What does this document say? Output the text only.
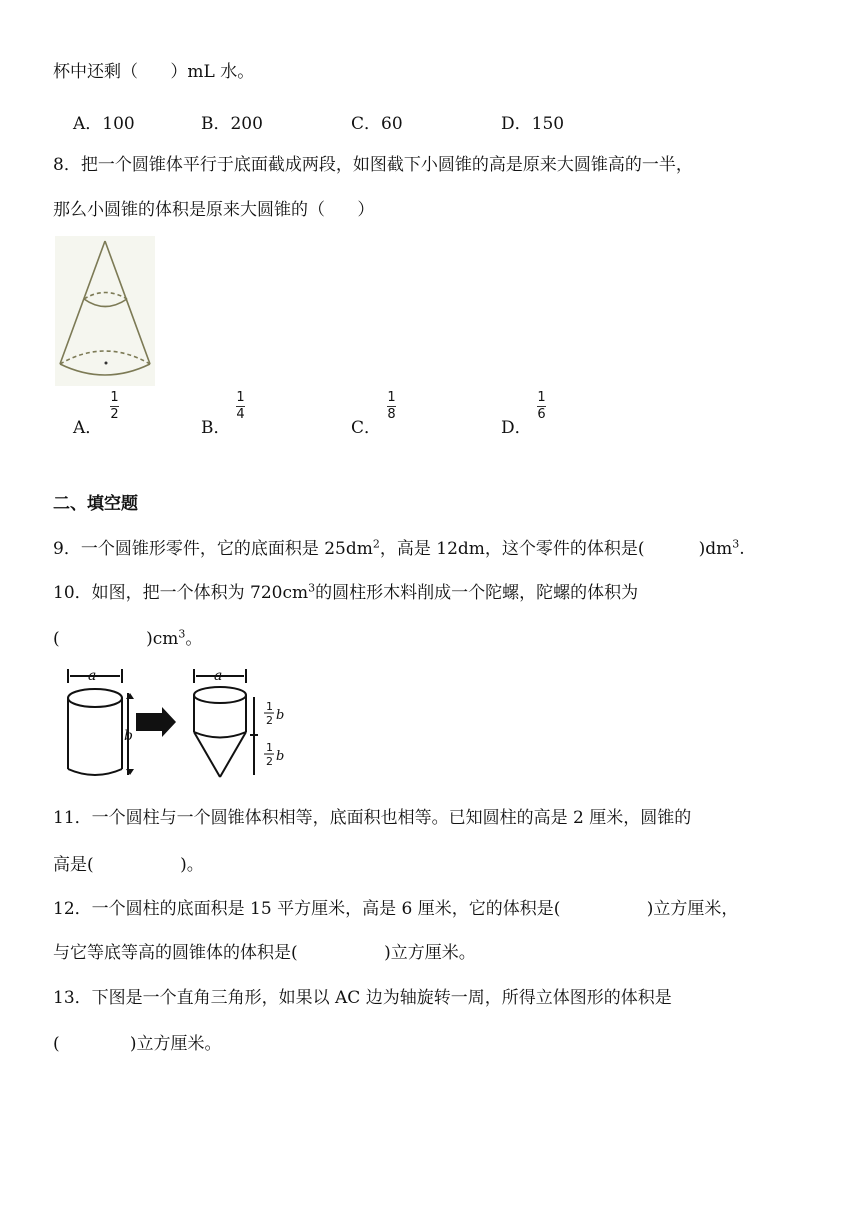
杯中还剩（      ）mL 水。
A．100	B．200	C．60	D．150
8．把一个圆锥体平行于底面截成两段，如图截下小圆锥的高是原来大圆锥高的一半，
那么小圆锥的体积是原来大圆锥的（      ）
A．
1
2
B．
1
4
C．
1
8
D．
1
6
二、填空题
9．一个圆锥形零件，它的底面积是 $25dm^2$，高是 12dm，这个零件的体积是(          )$dm^3$.
10．如图，把一个体积为 $720cm^3$的圆柱形木料削成一个陀螺，陀螺的体积为
(                )$cm^3$。
a	a
b
1
2 b
1
2 b
11．一个圆柱与一个圆锥体积相等，底面积也相等。已知圆柱的高是 2 厘米，圆锥的
高是(                )。
12．一个圆柱的底面积是 15 平方厘米，高是 6 厘米，它的体积是(                )立方厘米，
与它等底等高的圆锥体的体积是(                )立方厘米。
13．下图是一个直角三角形，如果以 AC 边为轴旋转一周，所得立体图形的体积是
(             )立方厘米。
